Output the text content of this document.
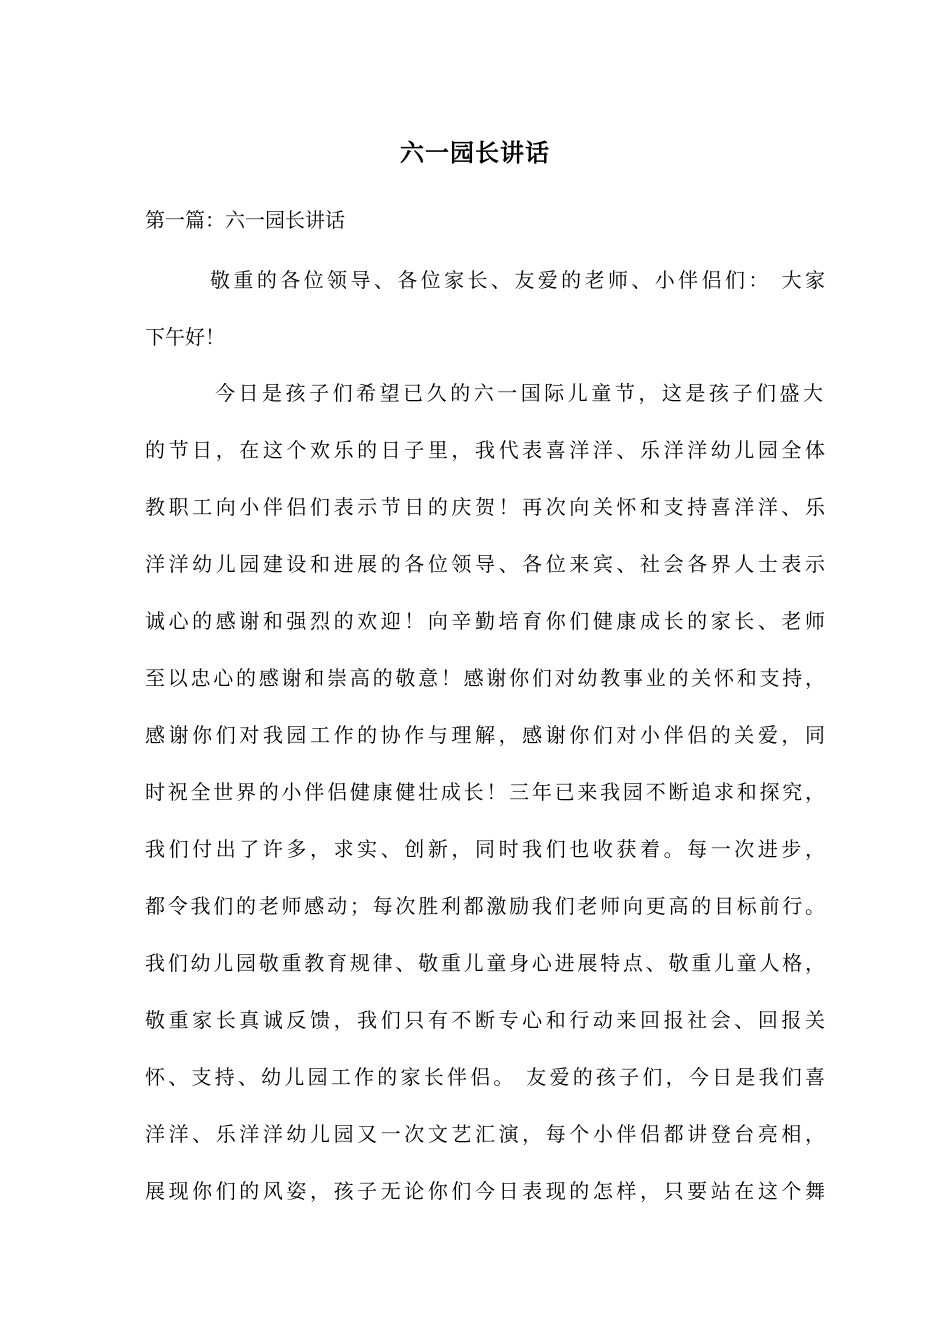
六一园长讲话
第一篇：六一园长讲话
敬重的各位领导、各位家长、友爱的老师、小伴侣们： 大家
下午好！
今日是孩子们希望已久的六一国际儿童节，这是孩子们盛大
的节日，在这个欢乐的日子里，我代表喜洋洋、乐洋洋幼儿园全体
教职工向小伴侣们表示节日的庆贺！再次向关怀和支持喜洋洋、乐
洋洋幼儿园建设和进展的各位领导、各位来宾、社会各界人士表示
诚心的感谢和强烈的欢迎！向辛勤培育你们健康成长的家长、老师
至以忠心的感谢和崇高的敬意！感谢你们对幼教事业的关怀和支持，
感谢你们对我园工作的协作与理解，感谢你们对小伴侣的关爱，同
时祝全世界的小伴侣健康健壮成长！三年已来我园不断追求和探究，
我们付出了许多，求实、创新，同时我们也收获着。每一次进步，
都令我们的老师感动；每次胜利都激励我们老师向更高的目标前行。
我们幼儿园敬重教育规律、敬重儿童身心进展特点、敬重儿童人格，
敬重家长真诚反馈，我们只有不断专心和行动来回报社会、回报关
怀、支持、幼儿园工作的家长伴侣。 友爱的孩子们，今日是我们喜
洋洋、乐洋洋幼儿园又一次文艺汇演，每个小伴侣都讲登台亮相，
展现你们的风姿，孩子无论你们今日表现的怎样，只要站在这个舞
